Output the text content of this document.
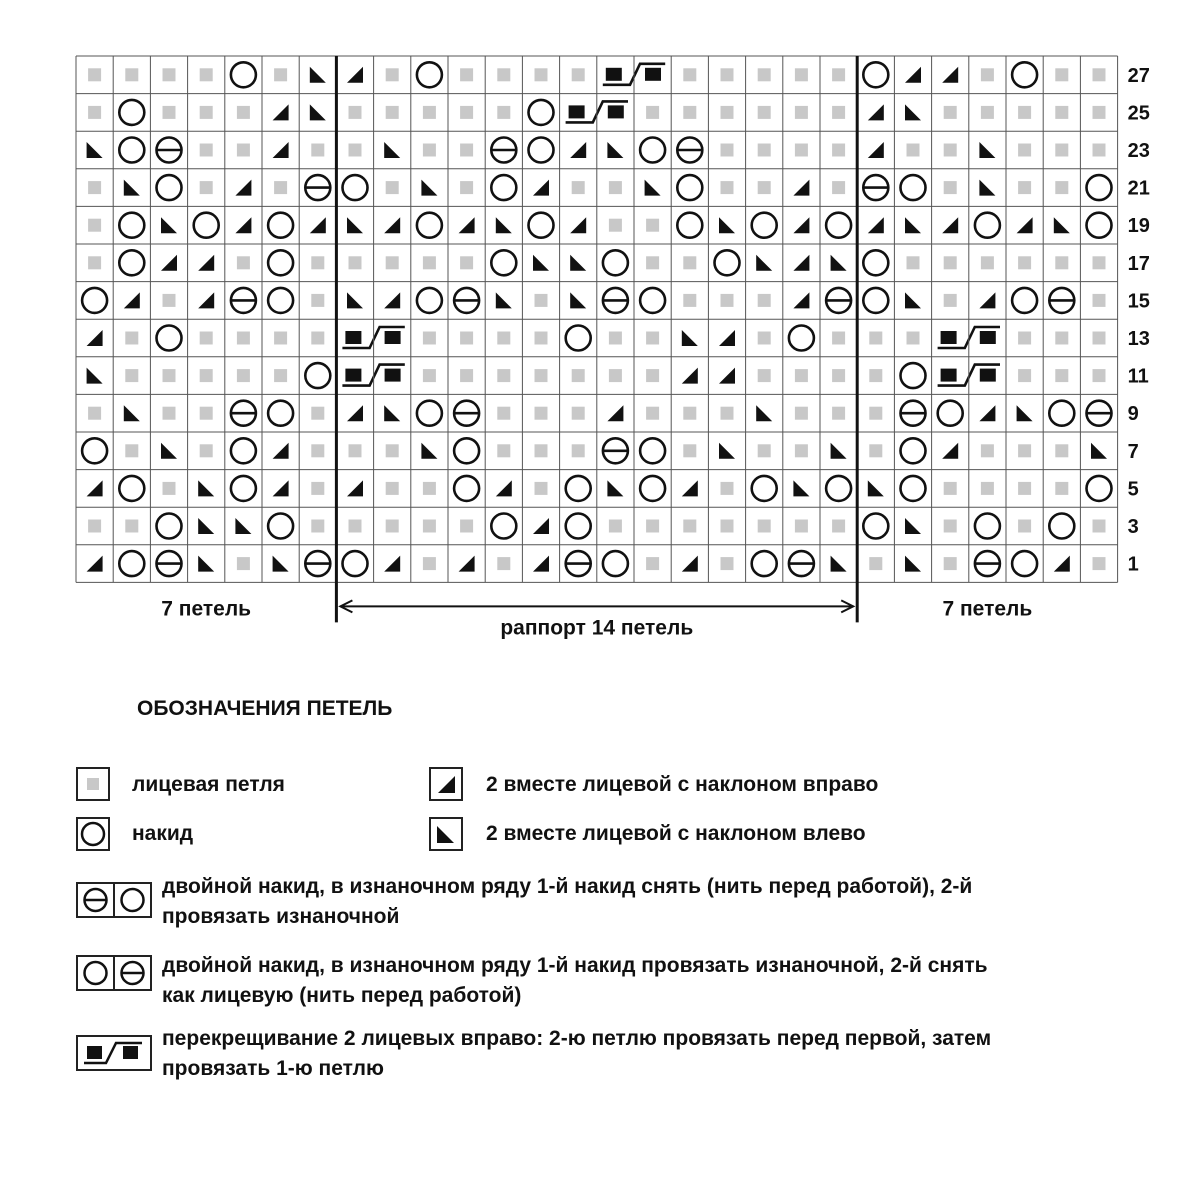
27
25
23
21
19
17
15
13
11
9
7
5
3
1
7 петель	7 петель
раппорт 14 петель
ОБОЗНАЧЕНИЯ ПЕТЕЛЬ
лицевая петля
накид
2 вместе лицевой с наклоном вправо
2 вместе лицевой с наклоном влево
двойной накид, в изнаночном ряду 1-й накид снять (нить перед работой), 2-й
провязать изнаночной
двойной накид, в изнаночном ряду 1-й накид провязать изнаночной, 2-й снять
как лицевую (нить перед работой)
перекрещивание 2 лицевых вправо: 2-ю петлю провязать перед первой, затем
провязать 1-ю петлю
